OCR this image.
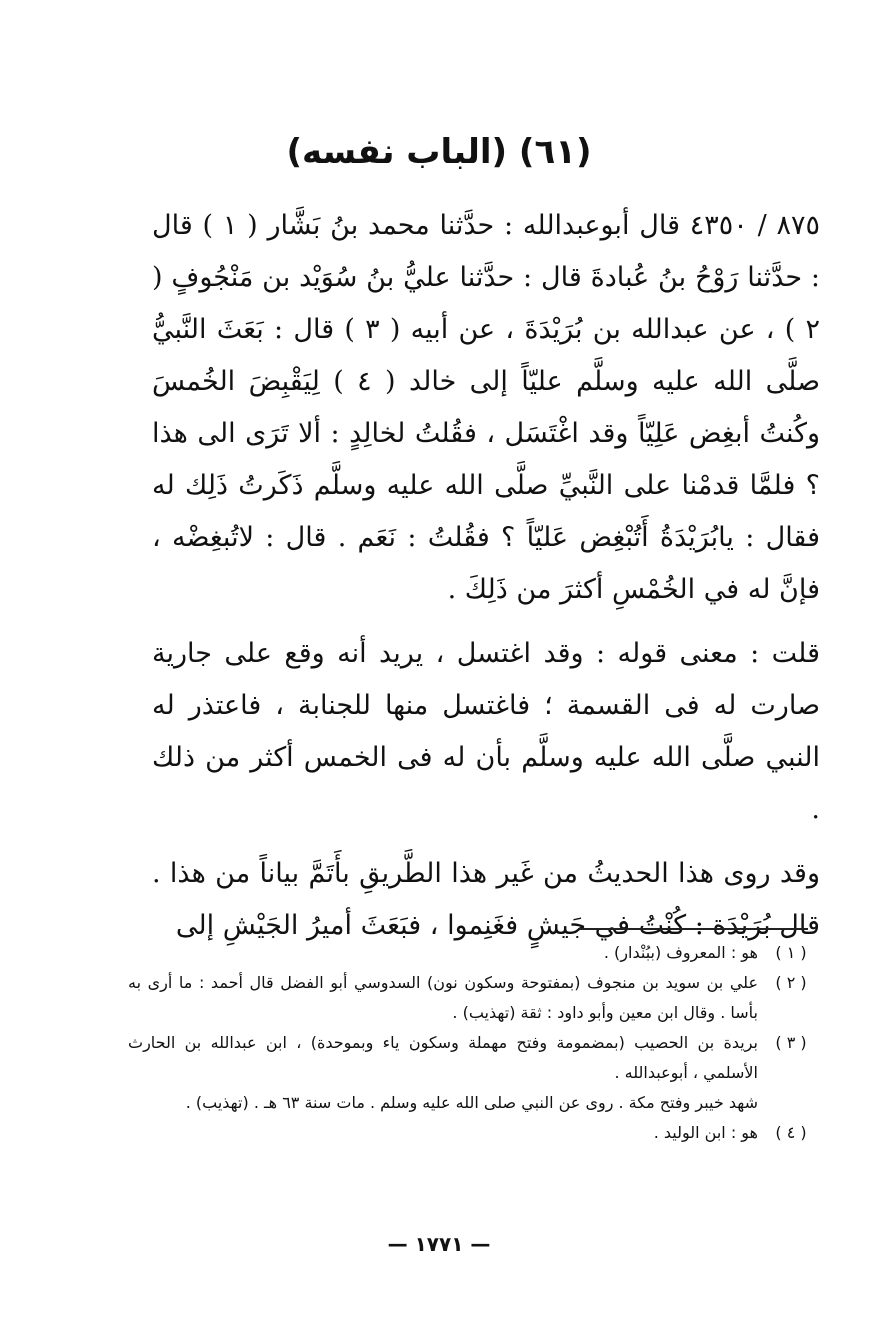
(٦١) (الباب نفسه)

٨٧٥ / ٤٣٥٠ قال أبوعبدالله : حدَّثنا محمد بنُ بَشَّار ( ١ ) قال : حدَّثنا رَوْحُ بنُ عُبادةَ قال : حدَّثنا عليُّ بنُ سُوَيْد بن مَنْجُوفٍ ( ٢ ) ، عن عبدالله بن بُرَيْدَةَ ، عن أبيه ( ٣ ) قال : بَعَثَ النَّبيُّ صلَّى الله عليه وسلَّم عليّاً إلى خالد ( ٤ ) لِيَقْبِضَ الخُمسَ وكُنتُ أبغِض عَلِيّاً وقد اغْتَسَل ، فقُلتُ لخالِدٍ : ألا تَرَى الى هذا ؟ فلمَّا قدمْنا على النَّبيِّ صلَّى الله عليه وسلَّم ذَكَرتُ ذَلِك له فقال : يابُرَيْدَةُ أَتُبْغِض عَليّاً ؟ فقُلتُ : نَعَم . قال : لاتُبغِضْه ، فإنَّ له في الخُمْسِ أكثرَ من ذَلِكَ .

قلت : معنى قوله : وقد اغتسل ، يريد أنه وقع على جارية صارت له فى القسمة ؛ فاغتسل منها للجنابة ، فاعتذر له النبي صلَّى الله عليه وسلَّم بأن له فى الخمس أكثر من ذلك .

وقد روى هذا الحديثُ من غَير هذا الطَّريقِ بأَتَمَّ بياناً من هذا . قال بُرَيْدَة : كُنْتُ في جَيشٍ فغَنِموا ، فبَعَثَ أميرُ الجَيْشِ إلى

( ١ )
هو : المعروف (ببُنْدار) .
( ٢ )
علي بن سويد بن منجوف (بمفتوحة وسكون نون) السدوسي أبو الفضل قال أحمد : ما أرى به بأسا . وقال ابن معين وأبو داود : ثقة (تهذيب) .
( ٣ )
بريدة بن الحصيب (بمضمومة وفتح مهملة وسكون ياء وبموحدة) ، ابن عبدالله بن الحارث الأسلمي ، أبوعبدالله .
شهد خيبر وفتح مكة . روى عن النبي صلى الله عليه وسلم . مات سنة ٦٣ هـ . (تهذيب) .
( ٤ )
هو : ابن الوليد .
— ١٧٧١ —
